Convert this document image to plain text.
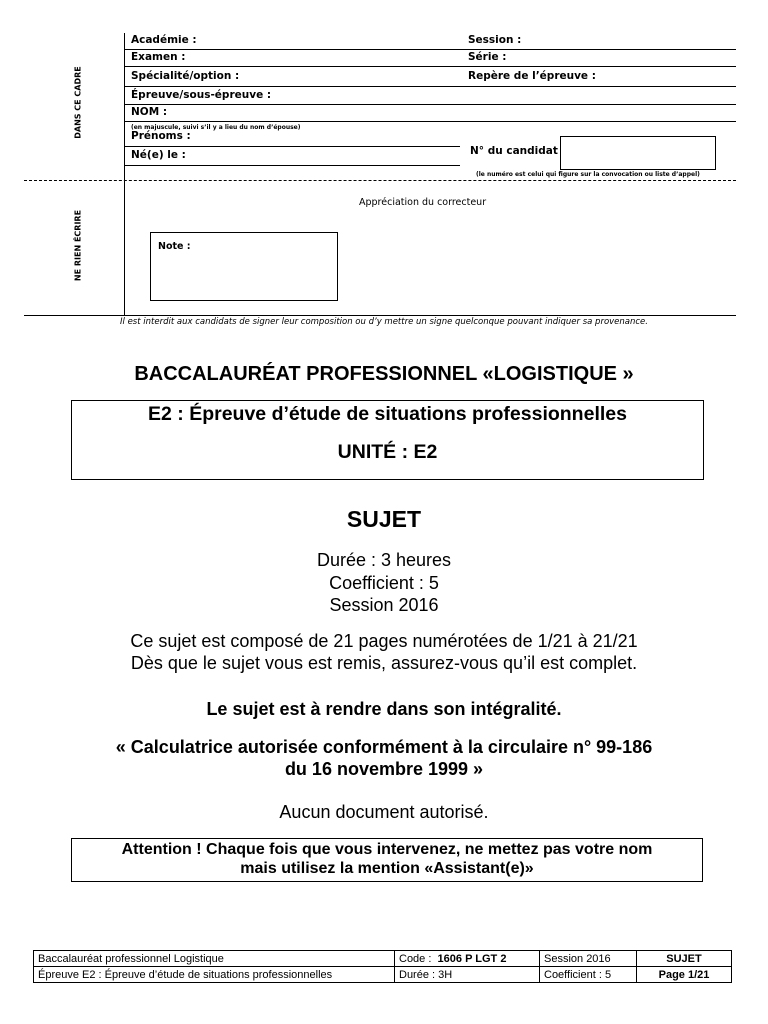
Académie :	Session :
Examen :	Série :
Spécialité/option :	Repère de l’épreuve :
Épreuve/sous-épreuve :
NOM :
(en majuscule, suivi s’il y a lieu du nom d’épouse)
Prénoms :
Né(e) le :	N° du candidat
(le numéro est celui qui figure sur la convocation ou liste d’appel)
DANS CE CADRE
NE RIEN ÉCRIRE
Appréciation du correcteur
Note :
Il est interdit aux candidats de signer leur composition ou d’y mettre un signe quelconque pouvant indiquer sa provenance.
BACCALAURÉAT PROFESSIONNEL «LOGISTIQUE »
E2 : Épreuve d’étude de situations professionnelles
UNITÉ : E2
SUJET
Durée : 3 heures
Coefficient : 5
Session 2016
Ce sujet est composé de 21 pages numérotées de 1/21 à 21/21
Dès que le sujet vous est remis, assurez-vous qu’il est complet.
Le sujet est à rendre dans son intégralité.
« Calculatrice autorisée conformément à la circulaire n° 99-186
du 16 novembre 1999 »
Aucun document autorisé.
Attention ! Chaque fois que vous intervenez, ne mettez pas votre nom
mais utilisez la mention «Assistant(e)»
Baccalauréat professionnel Logistique	Code : 1606 P LGT 2	Session 2016	SUJET
Épreuve E2 : Épreuve d’étude de situations professionnelles	Durée : 3H	Coefficient : 5	Page 1/21
